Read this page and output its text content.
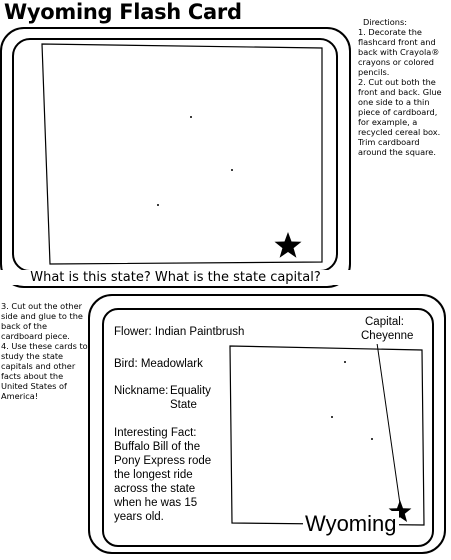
Wyoming Flash Card	Directions:
1. Decorate the flashcard front and back with Crayola® crayons or colored pencils.
2. Cut out both the front and back. Glue one side to a thin piece of cardboard, for example, a recycled cereal box. Trim cardboard around the square.
What is this state? What is the state capital?
3. Cut out the other side and glue to the back of the cardboard piece.
4. Use these cards to study the state capitals and other facts about the United States of America!
Flower: Indian Paintbrush
Bird: Meadowlark
Nickname: Equality
State
Interesting Fact:
Buffalo Bill of the
Pony Express rode
the longest ride
across the state
when he was 15
years old.
Capital:
Cheyenne
Wyoming
